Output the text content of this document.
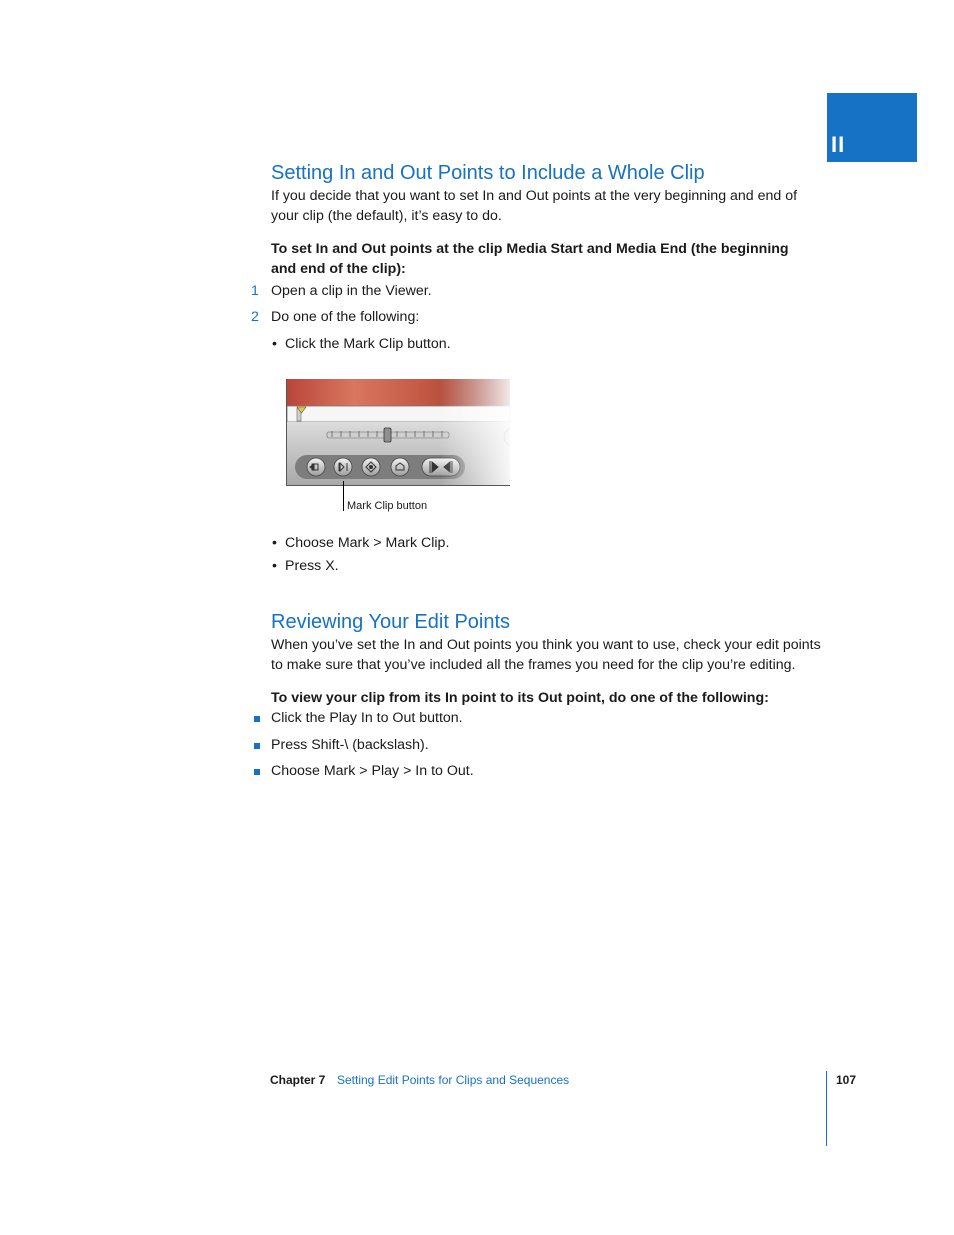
II
Setting In and Out Points to Include a Whole Clip
If you decide that you want to set In and Out points at the very beginning and end of
your clip (the default), it’s easy to do.
To set In and Out points at the clip Media Start and Media End (the beginning
and end of the clip):
1 Open a clip in the Viewer.
2 Do one of the following:
• Click the Mark Clip button.
Mark Clip button
• Choose Mark > Mark Clip.
• Press X.
Reviewing Your Edit Points
When you’ve set the In and Out points you think you want to use, check your edit points
to make sure that you’ve included all the frames you need for the clip you’re editing.
To view your clip from its In point to its Out point, do one of the following:
Click the Play In to Out button.
Press Shift-\ (backslash).
Choose Mark > Play > In to Out.
Chapter 7 Setting Edit Points for Clips and Sequences	107
